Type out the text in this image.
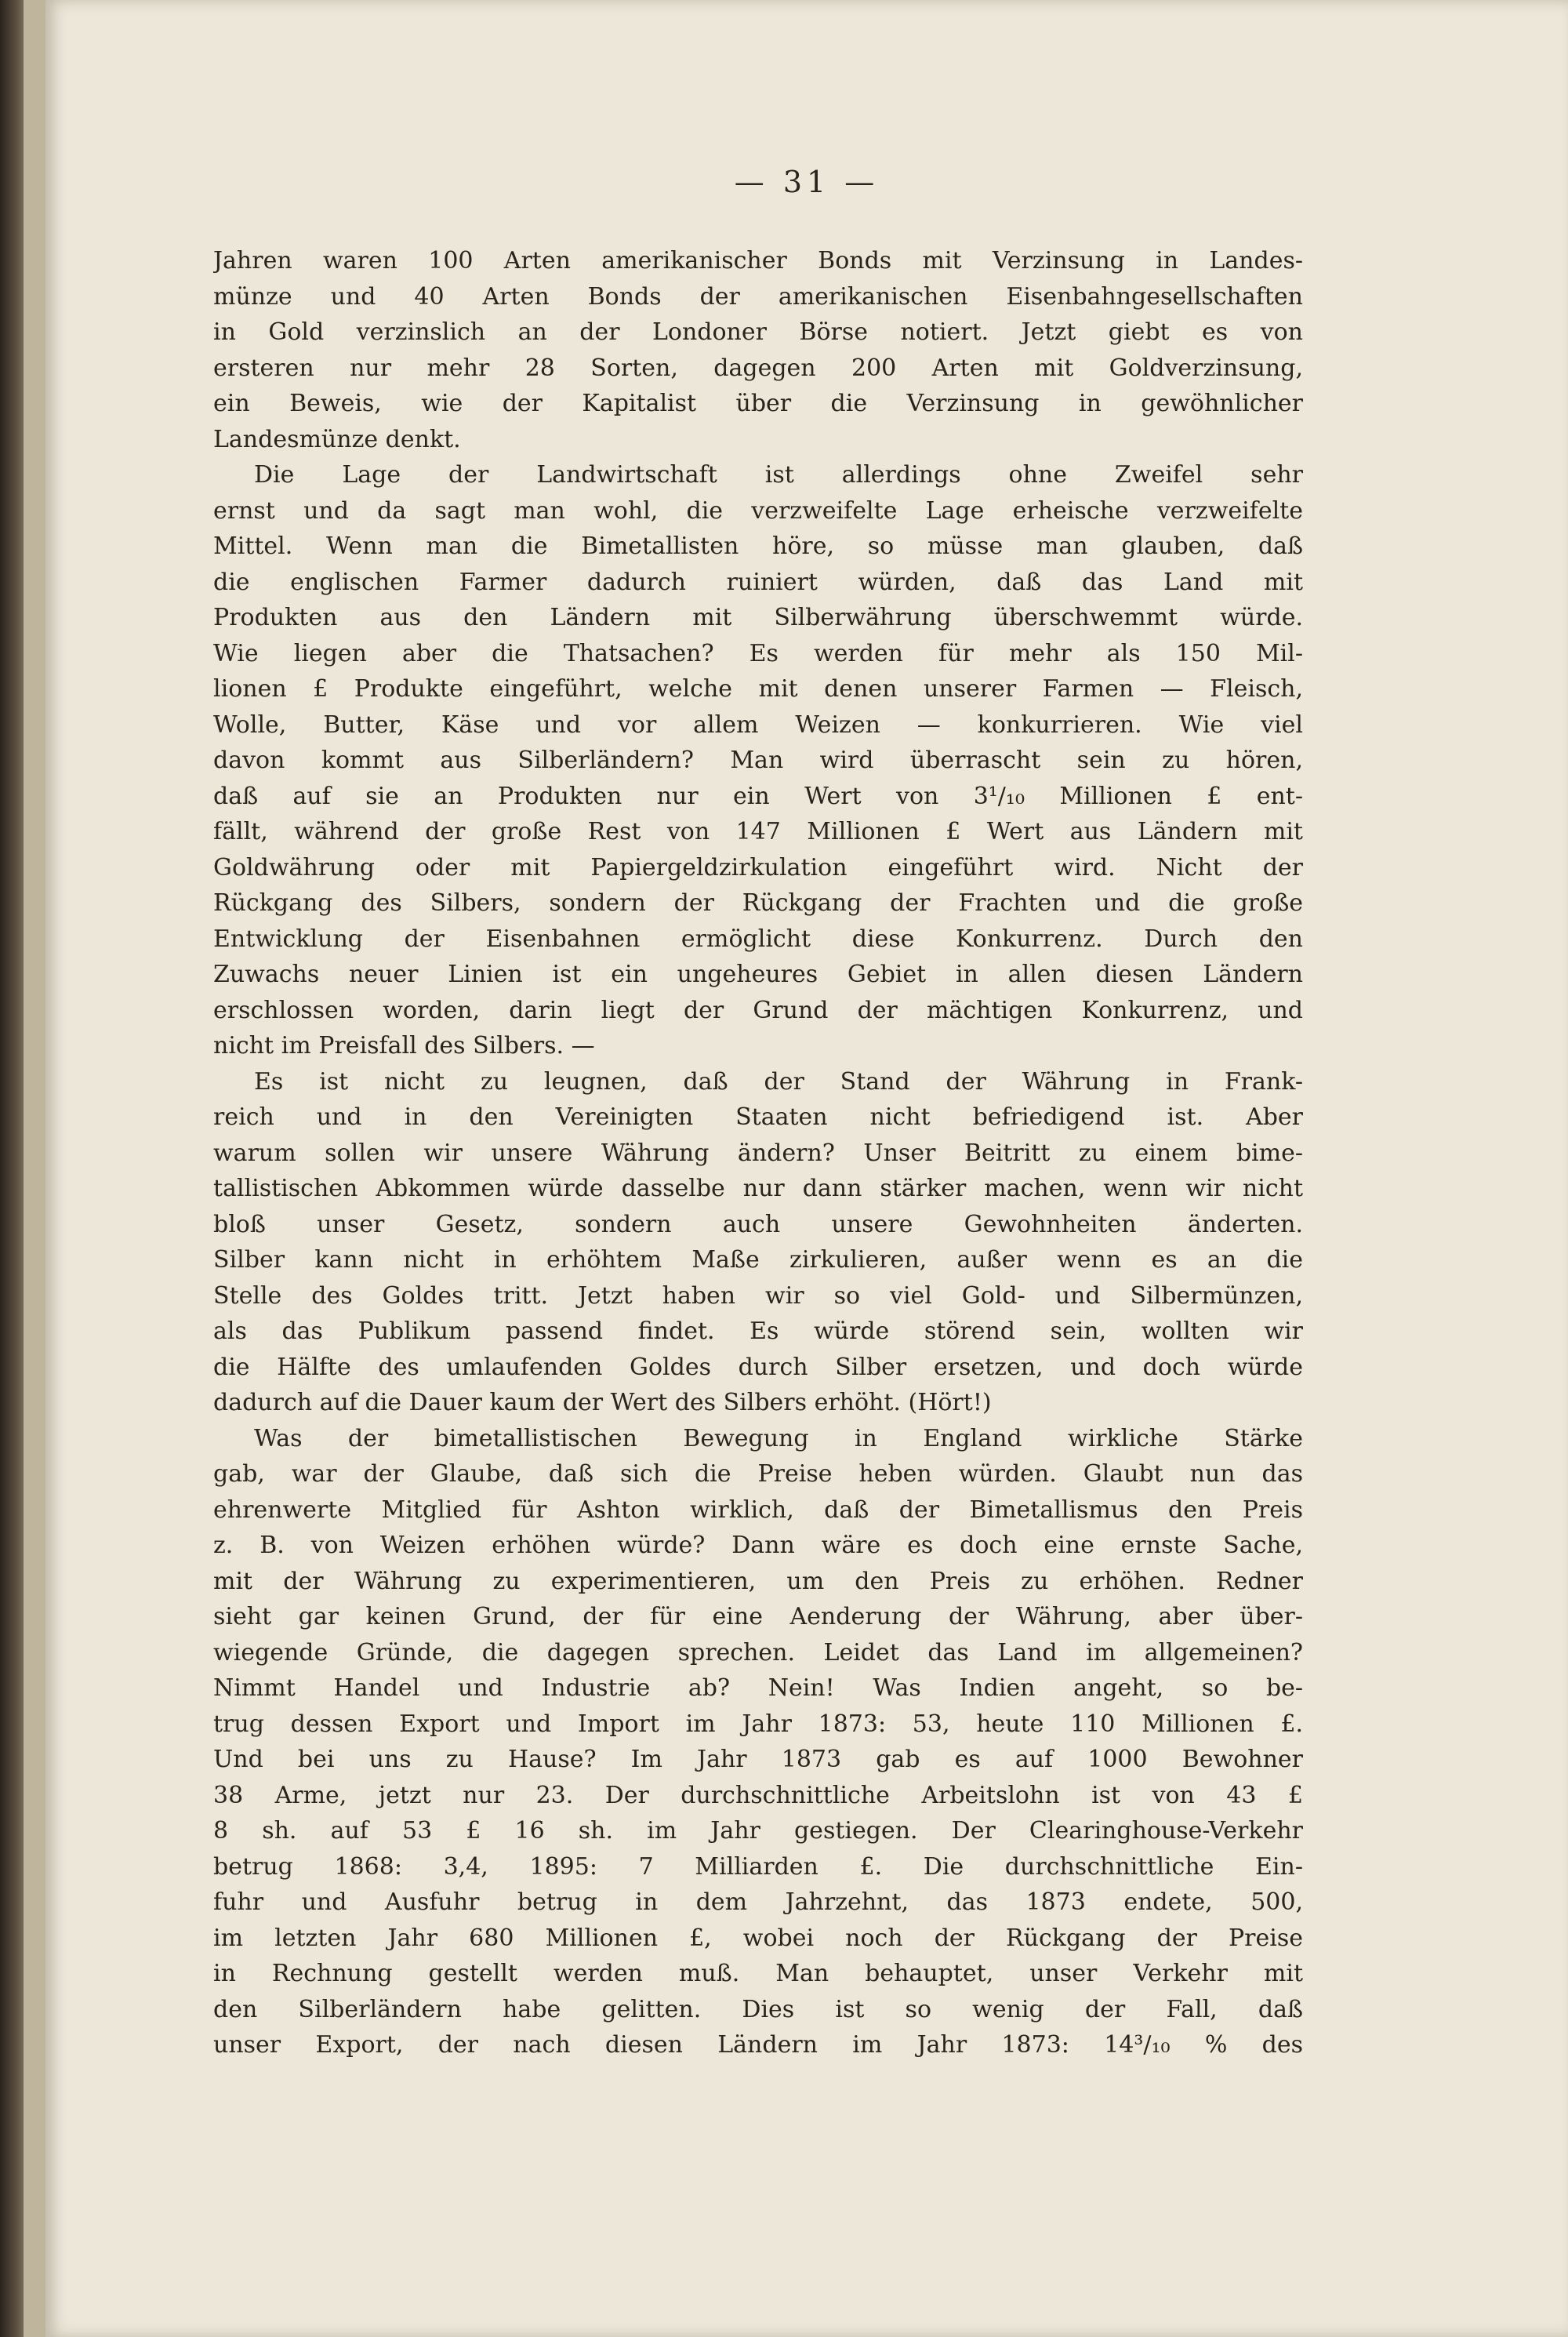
— 31 —
Jahren waren 100 Arten amerikanischer Bonds mit Verzinsung in Landes-
münze und 40 Arten Bonds der amerikanischen Eisenbahngesellschaften
in Gold verzinslich an der Londoner Börse notiert. Jetzt giebt es von
ersteren nur mehr 28 Sorten, dagegen 200 Arten mit Goldverzinsung,
ein Beweis, wie der Kapitalist über die Verzinsung in gewöhnlicher
Landesmünze denkt.
Die Lage der Landwirtschaft ist allerdings ohne Zweifel sehr
ernst und da sagt man wohl, die verzweifelte Lage erheische verzweifelte
Mittel. Wenn man die Bimetallisten höre, so müsse man glauben, daß
die englischen Farmer dadurch ruiniert würden, daß das Land mit
Produkten aus den Ländern mit Silberwährung überschwemmt würde.
Wie liegen aber die Thatsachen? Es werden für mehr als 150 Mil-
lionen £ Produkte eingeführt, welche mit denen unserer Farmen — Fleisch,
Wolle, Butter, Käse und vor allem Weizen — konkurrieren. Wie viel
davon kommt aus Silberländern? Man wird überrascht sein zu hören,
daß auf sie an Produkten nur ein Wert von 3¹/₁₀ Millionen £ ent-
fällt, während der große Rest von 147 Millionen £ Wert aus Ländern mit
Goldwährung oder mit Papiergeldzirkulation eingeführt wird. Nicht der
Rückgang des Silbers, sondern der Rückgang der Frachten und die große
Entwicklung der Eisenbahnen ermöglicht diese Konkurrenz. Durch den
Zuwachs neuer Linien ist ein ungeheures Gebiet in allen diesen Ländern
erschlossen worden, darin liegt der Grund der mächtigen Konkurrenz, und
nicht im Preisfall des Silbers. —
Es ist nicht zu leugnen, daß der Stand der Währung in Frank-
reich und in den Vereinigten Staaten nicht befriedigend ist. Aber
warum sollen wir unsere Währung ändern? Unser Beitritt zu einem bime-
tallistischen Abkommen würde dasselbe nur dann stärker machen, wenn wir nicht
bloß unser Gesetz, sondern auch unsere Gewohnheiten änderten.
Silber kann nicht in erhöhtem Maße zirkulieren, außer wenn es an die
Stelle des Goldes tritt. Jetzt haben wir so viel Gold- und Silbermünzen,
als das Publikum passend findet. Es würde störend sein, wollten wir
die Hälfte des umlaufenden Goldes durch Silber ersetzen, und doch würde
dadurch auf die Dauer kaum der Wert des Silbers erhöht. (Hört!)
Was der bimetallistischen Bewegung in England wirkliche Stärke
gab, war der Glaube, daß sich die Preise heben würden. Glaubt nun das
ehrenwerte Mitglied für Ashton wirklich, daß der Bimetallismus den Preis
z. B. von Weizen erhöhen würde? Dann wäre es doch eine ernste Sache,
mit der Währung zu experimentieren, um den Preis zu erhöhen. Redner
sieht gar keinen Grund, der für eine Aenderung der Währung, aber über-
wiegende Gründe, die dagegen sprechen. Leidet das Land im allgemeinen?
Nimmt Handel und Industrie ab? Nein! Was Indien angeht, so be-
trug dessen Export und Import im Jahr 1873: 53, heute 110 Millionen £.
Und bei uns zu Hause? Im Jahr 1873 gab es auf 1000 Bewohner
38 Arme, jetzt nur 23. Der durchschnittliche Arbeitslohn ist von 43 £
8 sh. auf 53 £ 16 sh. im Jahr gestiegen. Der Clearinghouse-Verkehr
betrug 1868: 3,4, 1895: 7 Milliarden £. Die durchschnittliche Ein-
fuhr und Ausfuhr betrug in dem Jahrzehnt, das 1873 endete, 500,
im letzten Jahr 680 Millionen £, wobei noch der Rückgang der Preise
in Rechnung gestellt werden muß. Man behauptet, unser Verkehr mit
den Silberländern habe gelitten. Dies ist so wenig der Fall, daß
unser Export, der nach diesen Ländern im Jahr 1873: 14³/₁₀ % des
